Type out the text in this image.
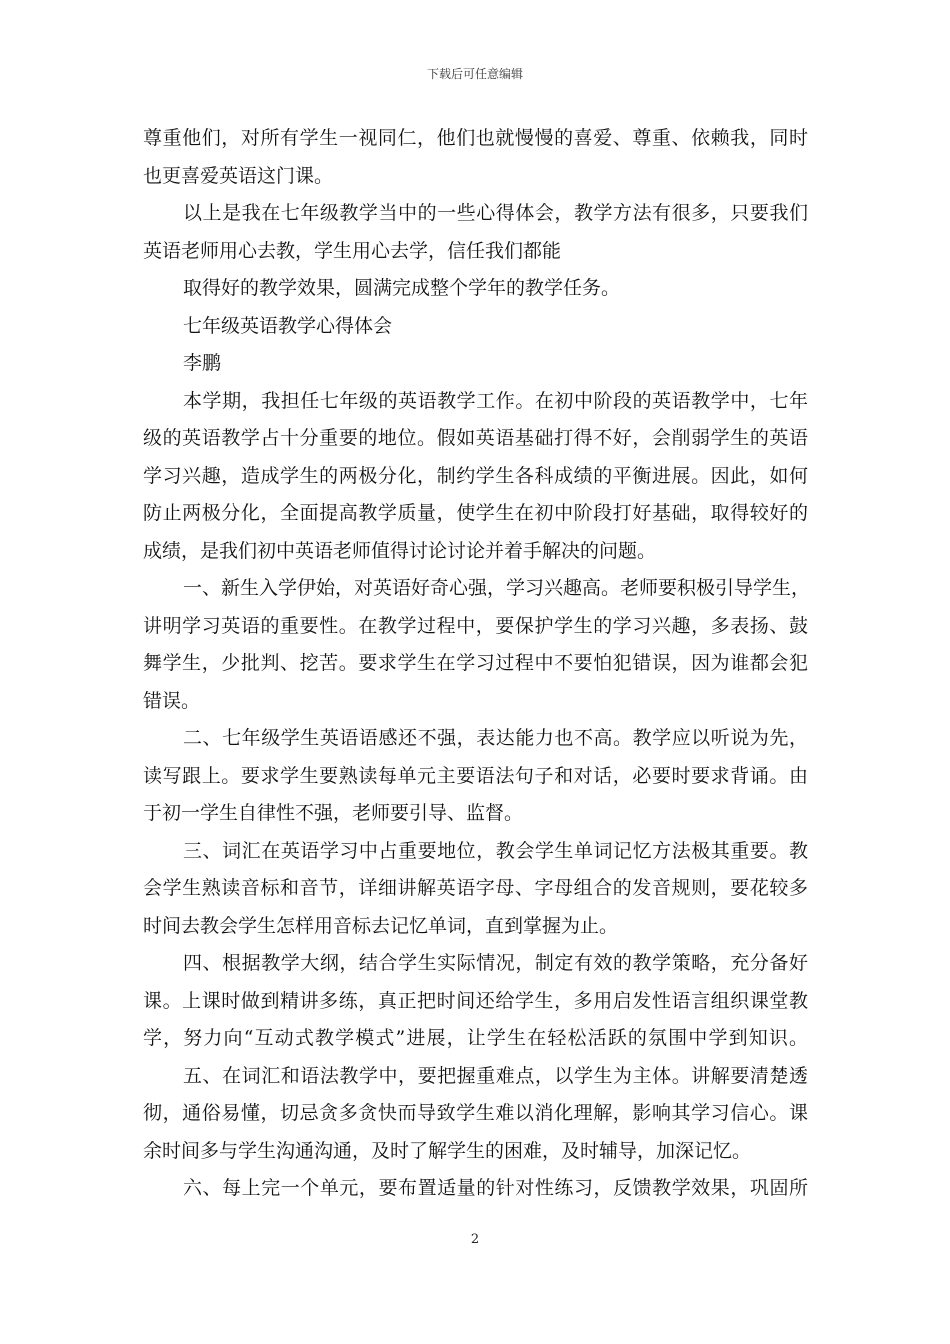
下载后可任意编辑
尊重他们，对所有学生一视同仁，他们也就慢慢的喜爱、尊重、依赖我，同时
也更喜爱英语这门课。
以上是我在七年级教学当中的一些心得体会，教学方法有很多，只要我们
英语老师用心去教，学生用心去学，信任我们都能
取得好的教学效果，圆满完成整个学年的教学任务。
七年级英语教学心得体会
李鹏
本学期，我担任七年级的英语教学工作。在初中阶段的英语教学中，七年
级的英语教学占十分重要的地位。假如英语基础打得不好，会削弱学生的英语
学习兴趣，造成学生的两极分化，制约学生各科成绩的平衡进展。因此，如何
防止两极分化，全面提高教学质量，使学生在初中阶段打好基础，取得较好的
成绩，是我们初中英语老师值得讨论讨论并着手解决的问题。
一、新生入学伊始，对英语好奇心强，学习兴趣高。老师要积极引导学生，
讲明学习英语的重要性。在教学过程中，要保护学生的学习兴趣，多表扬、鼓
舞学生，少批判、挖苦。要求学生在学习过程中不要怕犯错误，因为谁都会犯
错误。
二、七年级学生英语语感还不强，表达能力也不高。教学应以听说为先，
读写跟上。要求学生要熟读每单元主要语法句子和对话，必要时要求背诵。由
于初一学生自律性不强，老师要引导、监督。
三、词汇在英语学习中占重要地位，教会学生单词记忆方法极其重要。教
会学生熟读音标和音节，详细讲解英语字母、字母组合的发音规则，要花较多
时间去教会学生怎样用音标去记忆单词，直到掌握为止。
四、根据教学大纲，结合学生实际情况，制定有效的教学策略，充分备好
课。上课时做到精讲多练，真正把时间还给学生，多用启发性语言组织课堂教
学，努力向“互动式教学模式”进展，让学生在轻松活跃的氛围中学到知识。
五、在词汇和语法教学中，要把握重难点，以学生为主体。讲解要清楚透
彻，通俗易懂，切忌贪多贪快而导致学生难以消化理解，影响其学习信心。课
余时间多与学生沟通沟通，及时了解学生的困难，及时辅导，加深记忆。
六、每上完一个单元，要布置适量的针对性练习，反馈教学效果，巩固所
2
